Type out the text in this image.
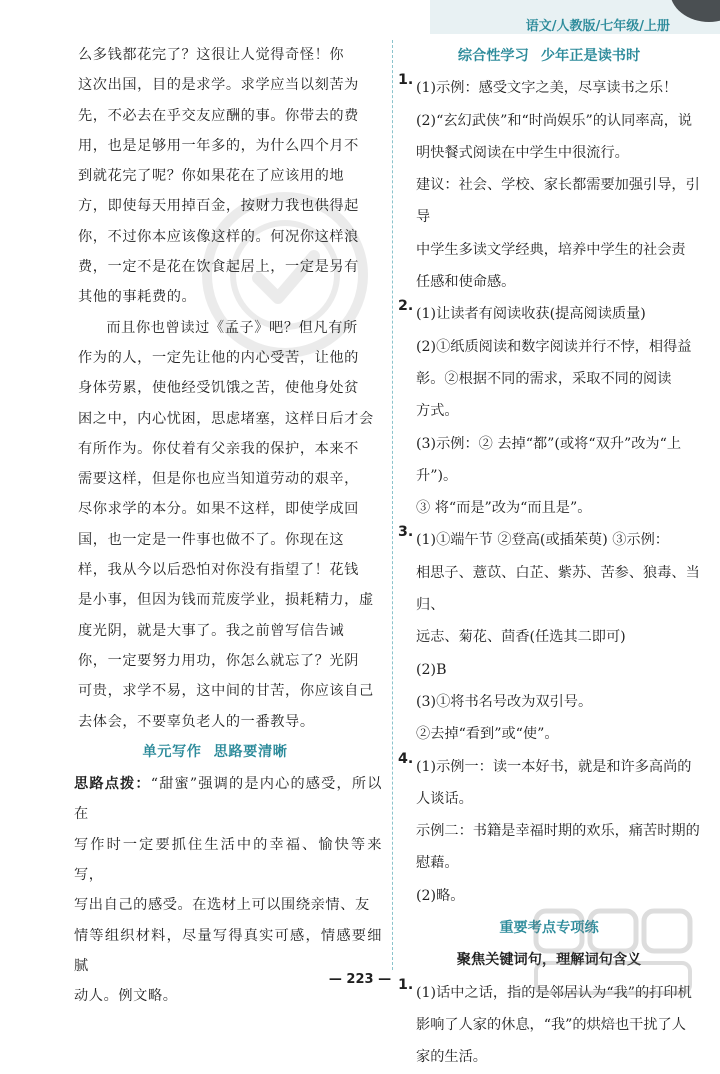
语文/人教版/七年级/上册

么多钱都花完了？这很让人觉得奇怪！你

这次出国，目的是求学。求学应当以刻苦为

先，不必去在乎交友应酬的事。你带去的费

用，也是足够用一年多的，为什么四个月不

到就花完了呢？你如果花在了应该用的地

方，即使每天用掉百金，按财力我也供得起

你，不过你本应该像这样的。何况你这样浪

费，一定不是花在饮食起居上，一定是另有

其他的事耗费的。

而且你也曾读过《孟子》吧？但凡有所

作为的人，一定先让他的内心受苦，让他的

身体劳累，使他经受饥饿之苦，使他身处贫

困之中，内心忧困，思虑堵塞，这样日后才会

有所作为。你仗着有父亲我的保护，本来不

需要这样，但是你也应当知道劳动的艰辛，

尽你求学的本分。如果不这样，即使学成回

国，也一定是一件事也做不了。你现在这

样，我从今以后恐怕对你没有指望了！花钱

是小事，但因为钱而荒废学业，损耗精力，虚

度光阴，就是大事了。我之前曾写信告诫

你，一定要努力用功，你怎么就忘了？光阴

可贵，求学不易，这中间的甘苦，你应该自己

去体会，不要辜负老人的一番教导。

单元写作 思路要清晰

思路点拨：“甜蜜”强调的是内心的感受，所以在

写作时一定要抓住生活中的幸福、愉快等来写，

写出自己的感受。在选材上可以围绕亲情、友

情等组织材料，尽量写得真实可感，情感要细腻

动人。例文略。

综合性学习 少年正是读书时

1. (1)示例：感受文字之美，尽享读书之乐！

(2)“玄幻武侠”和“时尚娱乐”的认同率高，说

明快餐式阅读在中学生中很流行。

建议：社会、学校、家长都需要加强引导，引导

中学生多读文学经典，培养中学生的社会责

任感和使命感。

2. (1)让读者有阅读收获(提高阅读质量)

(2)①纸质阅读和数字阅读并行不悖，相得益

彰。②根据不同的需求，采取不同的阅读

方式。

(3)示例：② 去掉“都”(或将“双升”改为“上

升”)。

③ 将“而是”改为“而且是”。

3. (1)①端午节 ②登高(或插茱萸) ③示例：

相思子、薏苡、白芷、紫苏、苦参、狼毒、当归、

远志、菊花、茴香(任选其二即可)

(2)B

(3)①将书名号改为双引号。

②去掉“看到”或“使”。

4. (1)示例一：读一本好书，就是和许多高尚的

人谈话。

示例二：书籍是幸福时期的欢乐，痛苦时期的

慰藉。

(2)略。

重要考点专项练

聚焦关键词句，理解词句含义

1. (1)话中之话，指的是邻居认为“我”的打印机

影响了人家的休息，“我”的烘焙也干扰了人

家的生活。

— 223 —
